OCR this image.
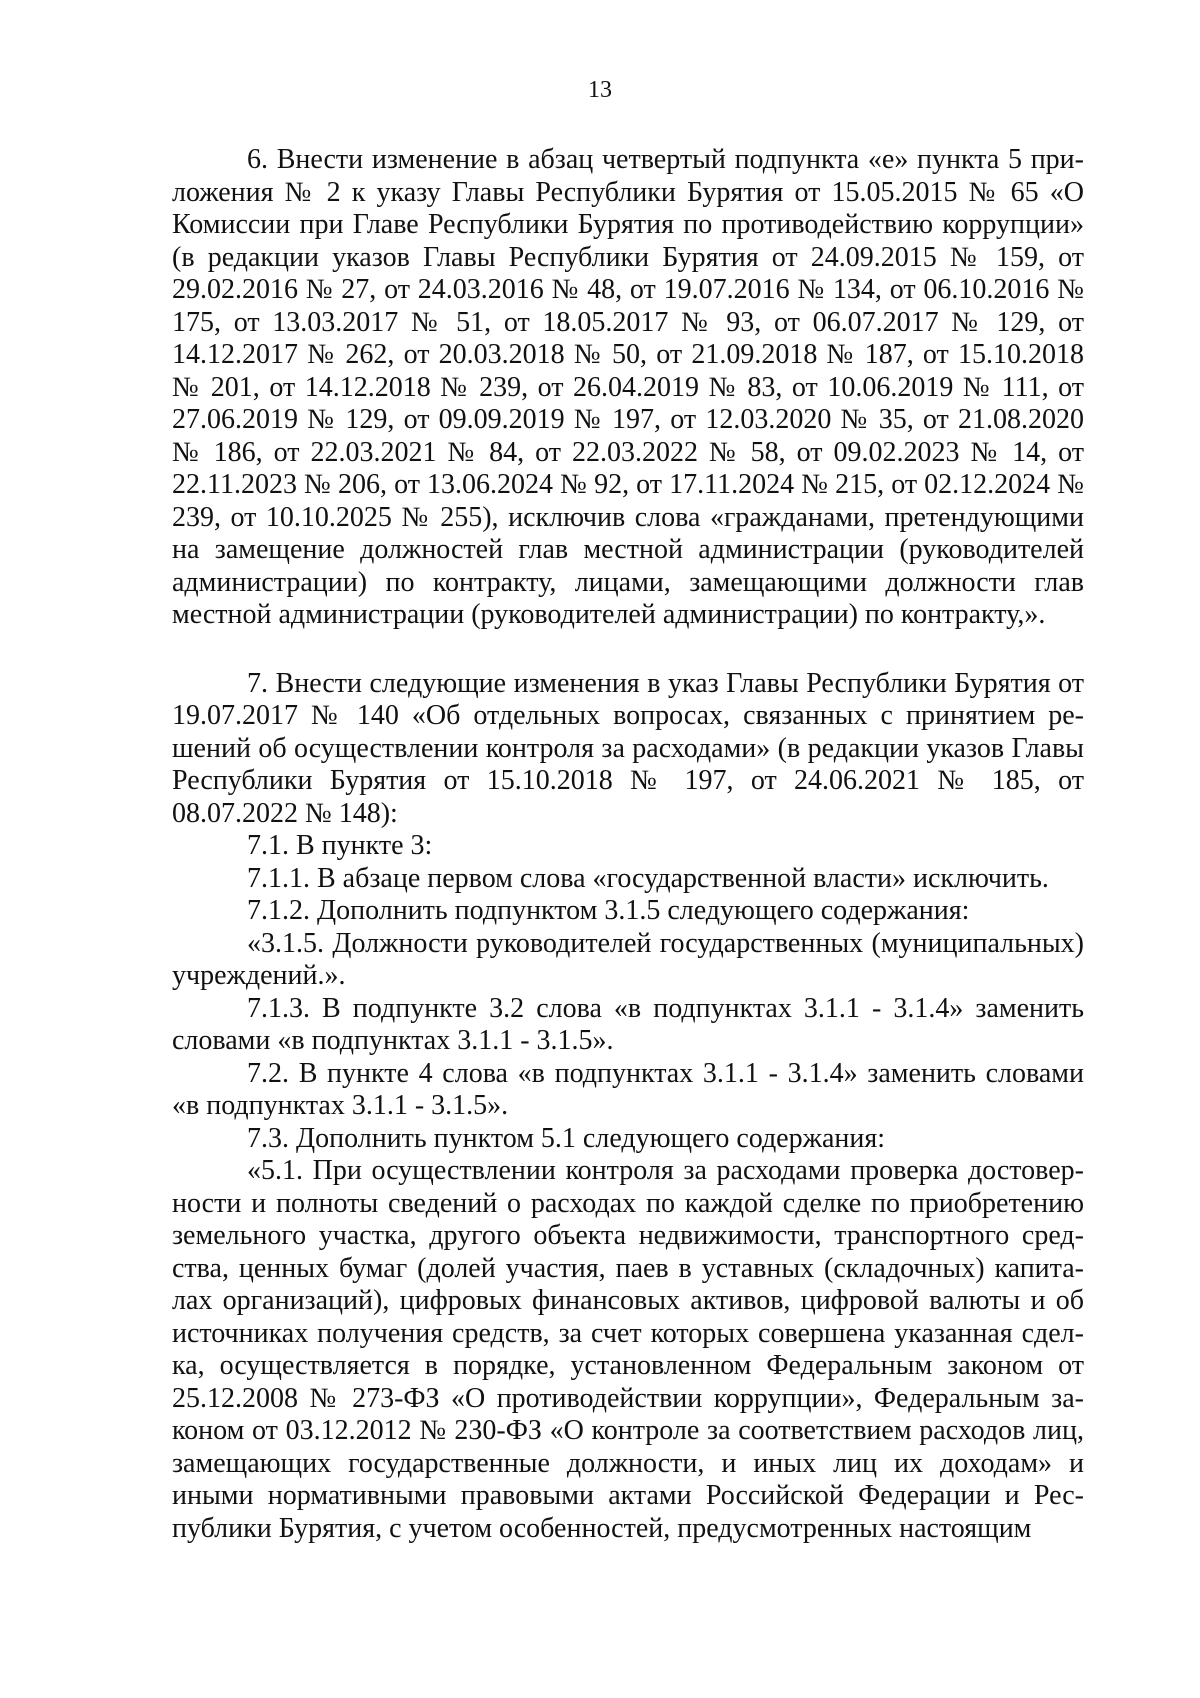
13

6. Внести изменение в абзац четвертый подпункта «е» пункта 5 приложения № 2 к указу Главы Республики Бурятия от 15.05.2015 № 65 «О Комиссии при Главе Республики Бурятия по противодействию коррупции» (в редакции указов Главы Республики Бурятия от 24.09.2015 № 159, от 29.02.2016 № 27, от 24.03.2016 № 48, от 19.07.2016 № 134, от 06.10.2016 № 175, от 13.03.2017 № 51, от 18.05.2017 № 93, от 06.07.2017 № 129, от 14.12.2017 № 262, от 20.03.2018 № 50, от 21.09.2018 № 187, от 15.10.2018 № 201, от 14.12.2018 № 239, от 26.04.2019 № 83, от 10.06.2019 № 111, от 27.06.2019 № 129, от 09.09.2019 № 197, от 12.03.2020 № 35, от 21.08.2020 № 186, от 22.03.2021 № 84, от 22.03.2022 № 58, от 09.02.2023 № 14, от 22.11.2023 № 206, от 13.06.2024 № 92, от 17.11.2024 № 215, от 02.12.2024 № 239, от 10.10.2025 № 255), исключив слова «гражданами, претендующими на замещение должностей глав местной администрации (руководителей администрации) по контракту, лицами, замещающими должности глав местной администрации (руководителей администрации) по контракту,».

7. Внести следующие изменения в указ Главы Республики Бурятия от 19.07.2017 № 140 «Об отдельных вопросах, связанных с принятием решений об осуществлении контроля за расходами» (в редакции указов Главы Республики Бурятия от 15.10.2018 № 197, от 24.06.2021 № 185, от 08.07.2022 № 148):

7.1. В пункте 3:

7.1.1. В абзаце первом слова «государственной власти» исключить.

7.1.2. Дополнить подпунктом 3.1.5 следующего содержания:

«3.1.5. Должности руководителей государственных (муниципальных) учреждений.».

7.1.3. В подпункте 3.2 слова «в подпунктах 3.1.1 - 3.1.4» заменить словами «в подпунктах 3.1.1 - 3.1.5».

7.2. В пункте 4 слова «в подпунктах 3.1.1 - 3.1.4» заменить словами «в подпунктах 3.1.1 - 3.1.5».

7.3. Дополнить пунктом 5.1 следующего содержания:

«5.1. При осуществлении контроля за расходами проверка достоверности и полноты сведений о расходах по каждой сделке по приобретению земельного участка, другого объекта недвижимости, транспортного средства, ценных бумаг (долей участия, паев в уставных (складочных) капиталах организаций), цифровых финансовых активов, цифровой валюты и об источниках получения средств, за счет которых совершена указанная сделка, осуществляется в порядке, установленном Федеральным законом от 25.12.2008 № 273-ФЗ «О противодействии коррупции», Федеральным законом от 03.12.2012 № 230-ФЗ «О контроле за соответствием расходов лиц, замещающих государственные должности, и иных лиц их доходам» и иными нормативными правовыми актами Российской Федерации и Республики Бурятия, с учетом особенностей, предусмотренных настоящим
